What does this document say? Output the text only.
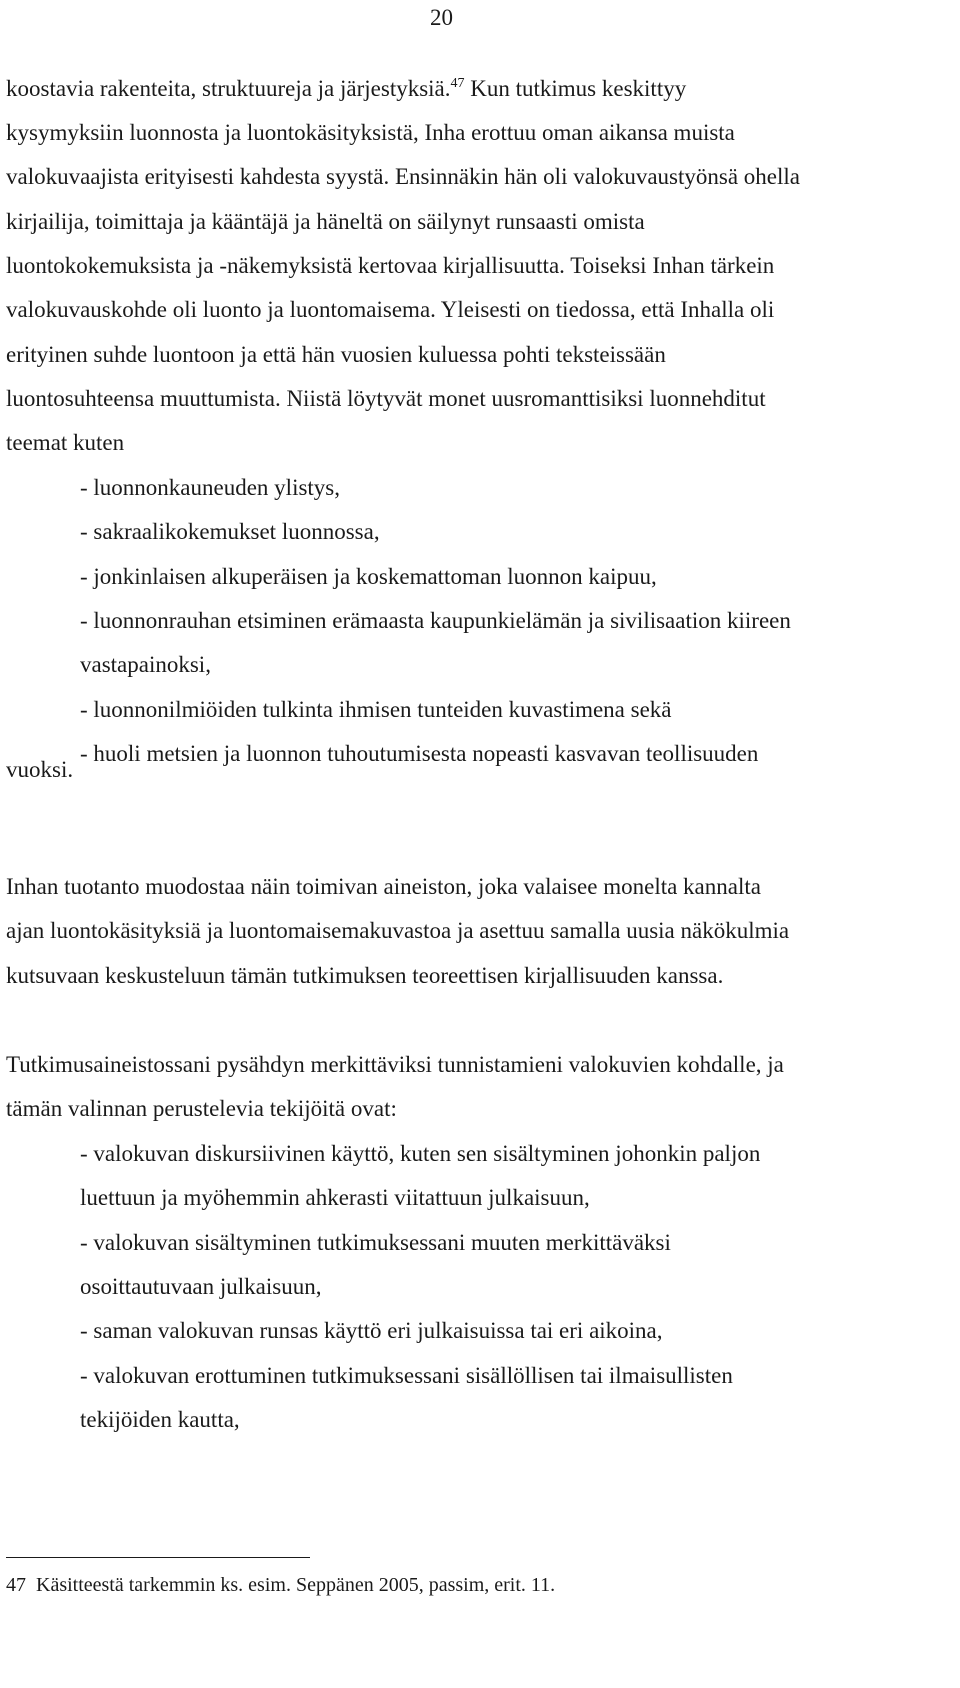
20
koostavia rakenteita, struktuureja ja järjestyksiä.$^{47}$ Kun tutkimus keskittyy
kysymyksiin luonnosta ja luontokäsityksistä, Inha erottuu oman aikansa muista
valokuvaajista erityisesti kahdesta syystä. Ensinnäkin hän oli valokuvaustyönsä ohella
kirjailija, toimittaja ja kääntäjä ja häneltä on säilynyt runsaasti omista
luontokokemuksista ja -näkemyksistä kertovaa kirjallisuutta. Toiseksi Inhan tärkein
valokuvauskohde oli luonto ja luontomaisema. Yleisesti on tiedossa, että Inhalla oli
erityinen suhde luontoon ja että hän vuosien kuluessa pohti teksteissään
luontosuhteensa muuttumista. Niistä löytyvät monet uusromanttisiksi luonnehditut
teemat kuten
- luonnonkauneuden ylistys,
- sakraalikokemukset luonnossa,
- jonkinlaisen alkuperäisen ja koskemattoman luonnon kaipuu,
- luonnonrauhan etsiminen erämaasta kaupunkielämän ja sivilisaation kiireen
vastapainoksi,
- luonnonilmiöiden tulkinta ihmisen tunteiden kuvastimena sekä
- huoli metsien ja luonnon tuhoutumisesta nopeasti kasvavan teollisuuden
vuoksi.
Inhan tuotanto muodostaa näin toimivan aineiston, joka valaisee monelta kannalta
ajan luontokäsityksiä ja luontomaisemakuvastoa ja asettuu samalla uusia näkökulmia
kutsuvaan keskusteluun tämän tutkimuksen teoreettisen kirjallisuuden kanssa.
Tutkimusaineistossani pysähdyn merkittäviksi tunnistamieni valokuvien kohdalle, ja
tämän valinnan perustelevia tekijöitä ovat:
- valokuvan diskursiivinen käyttö, kuten sen sisältyminen johonkin paljon
luettuun ja myöhemmin ahkerasti viitattuun julkaisuun,
- valokuvan sisältyminen tutkimuksessani muuten merkittäväksi
osoittautuvaan julkaisuun,
- saman valokuvan runsas käyttö eri julkaisuissa tai eri aikoina,
- valokuvan erottuminen tutkimuksessani sisällöllisen tai ilmaisullisten
tekijöiden kautta,
47 Käsitteestä tarkemmin ks. esim. Seppänen 2005, passim, erit. 11.
